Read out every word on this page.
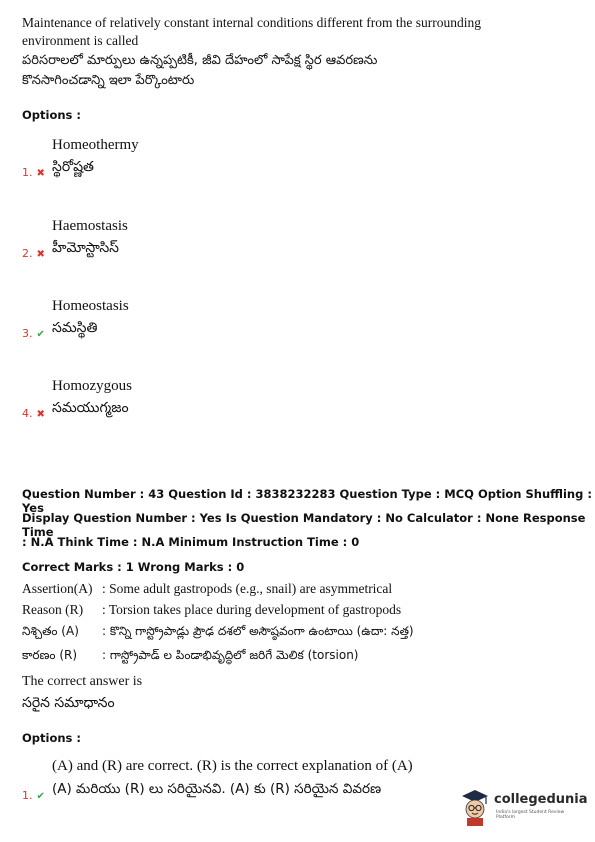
Maintenance of relatively constant internal conditions different from the surrounding
environment is called
పరిసరాలలో మార్పులు ఉన్నప్పటికీ, జీవి దేహంలో సాపేక్ష స్థిర ఆవరణను
కొనసాగించడాన్ని ఇలా పేర్కొంటారు
Options :
Homeothermy
1. ✖ స్థిరోష్ణత
Haemostasis
2. ✖ హీమోస్టాసిస్
Homeostasis
3. ✔ సమస్థితి
Homozygous
4. ✖ సమయుగ్మజం
Question Number : 43 Question Id : 3838232283 Question Type : MCQ Option Shuffling : Yes
Display Question Number : Yes Is Question Mandatory : No Calculator : None Response Time
: N.A Think Time : N.A Minimum Instruction Time : 0
Correct Marks : 1 Wrong Marks : 0
Assertion(A) : Some adult gastropods (e.g., snail) are asymmetrical
Reason (R) : Torsion takes place during development of gastropods
నిశ్చితం (A) : కొన్ని గాస్ట్రోపాడ్లు ప్రౌఢ దశలో అసౌష్ఠవంగా ఉంటాయి (ఉదా: నత్త)
కారణం (R) : గాస్ట్రోపాడ్ ల పిండాభివృద్ధిలో జరిగే మెలిక (torsion)
The correct answer is
సరైన సమాధానం
Options :
(A) and (R) are correct. (R) is the correct explanation of (A)
1. ✔ (A) మరియు (R) లు సరియైనవి. (A) కు (R) సరియైన వివరణ
collegedunia
India's largest Student Review Platform
